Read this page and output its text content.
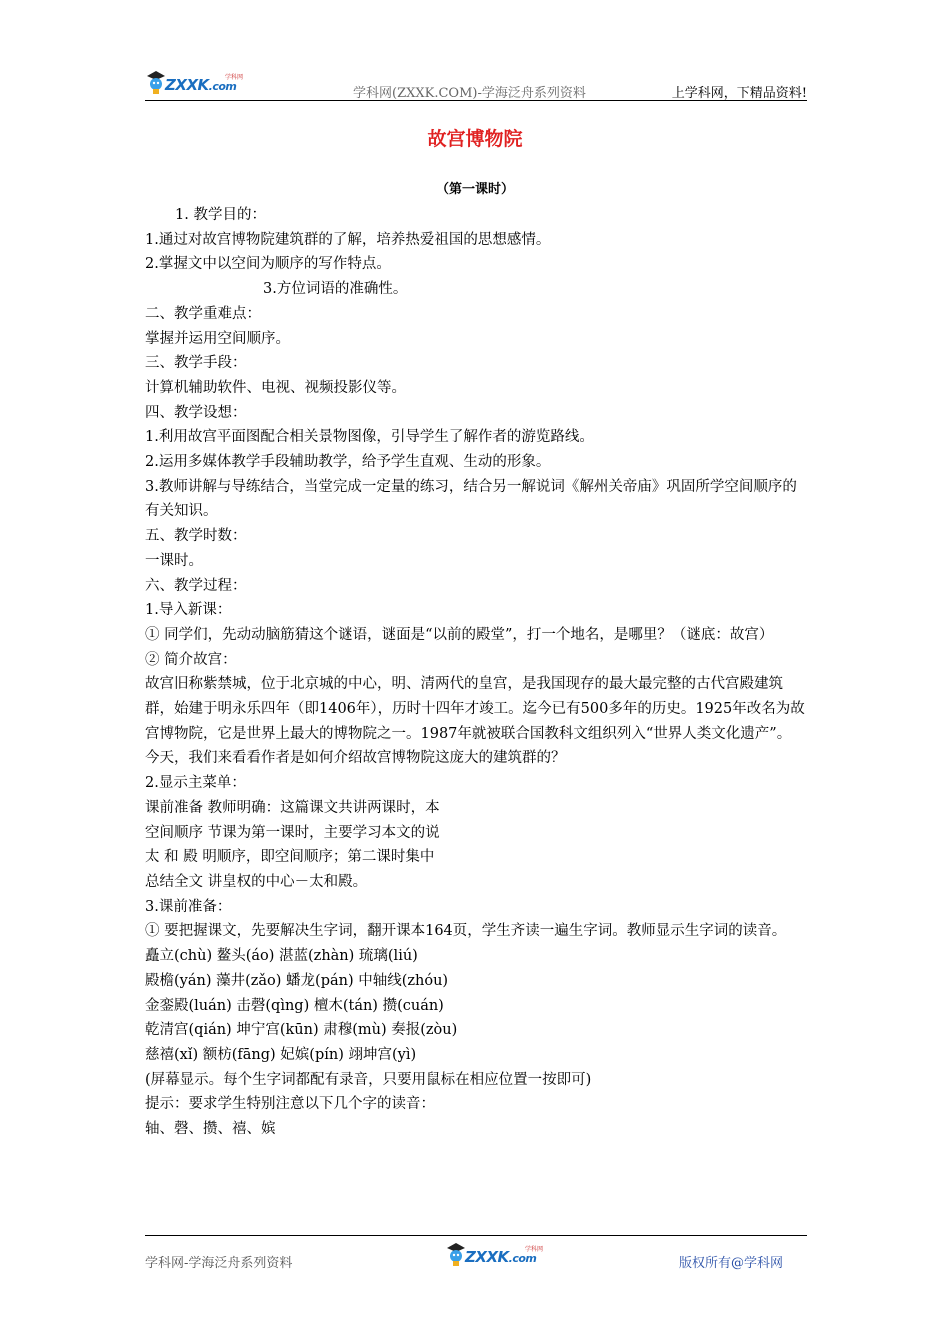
ZXXK.com
学科网
学科网(ZXXK.COM)-学海泛舟系列资料	上学科网，下精品资料!
故宫博物院
（第一课时）

1. 教学目的：

1.通过对故宫博物院建筑群的了解，培养热爱祖国的思想感情。

2.掌握文中以空间为顺序的写作特点。

3.方位词语的准确性。

二、教学重难点：

掌握并运用空间顺序。

三、教学手段：

计算机辅助软件、电视、视频投影仪等。

四、教学设想：

1.利用故宫平面图配合相关景物图像，引导学生了解作者的游览路线。

2.运用多媒体教学手段辅助教学，给予学生直观、生动的形象。

3.教师讲解与导练结合，当堂完成一定量的练习，结合另一解说词《解州关帝庙》巩固所学空间顺序的有关知识。

五、教学时数：

一课时。

六、教学过程：

1.导入新课：

① 同学们，先动动脑筋猜这个谜语，谜面是“以前的殿堂”，打一个地名，是哪里？（谜底：故宫）

② 简介故宫：

故宫旧称紫禁城，位于北京城的中心，明、清两代的皇宫，是我国现存的最大最完整的古代宫殿建筑群，始建于明永乐四年（即1406年），历时十四年才竣工。迄今已有500多年的历史。1925年改名为故宫博物院，它是世界上最大的博物院之一。1987年就被联合国教科文组织列入“世界人类文化遗产”。

今天，我们来看看作者是如何介绍故宫博物院这庞大的建筑群的？

2.显示主菜单：

课前准备 教师明确：这篇课文共讲两课时，本

空间顺序 节课为第一课时，主要学习本文的说

太 和 殿 明顺序，即空间顺序；第二课时集中

总结全文 讲皇权的中心－太和殿。

3.课前准备：

① 要把握课文，先要解决生字词，翻开课本164页，学生齐读一遍生字词。教师显示生字词的读音。

矗立(chù) 鳌头(áo) 湛蓝(zhàn) 琉璃(liú)

殿檐(yán) 藻井(zǎo) 蟠龙(pán) 中轴线(zhóu)

金銮殿(luán) 击磬(qìng) 檀木(tán) 攒(cuán)

乾清宫(qián) 坤宁宫(kūn) 肃穆(mù) 奏报(zòu)

慈禧(xǐ) 额枋(fāng) 妃嫔(pín) 翊坤宫(yì)

(屏幕显示。每个生字词都配有录音，只要用鼠标在相应位置一按即可)

提示：要求学生特别注意以下几个字的读音：

轴、磬、攒、禧、嫔

学科网-学海泛舟系列资料	ZXXK.com
学科网
版权所有@学科网
